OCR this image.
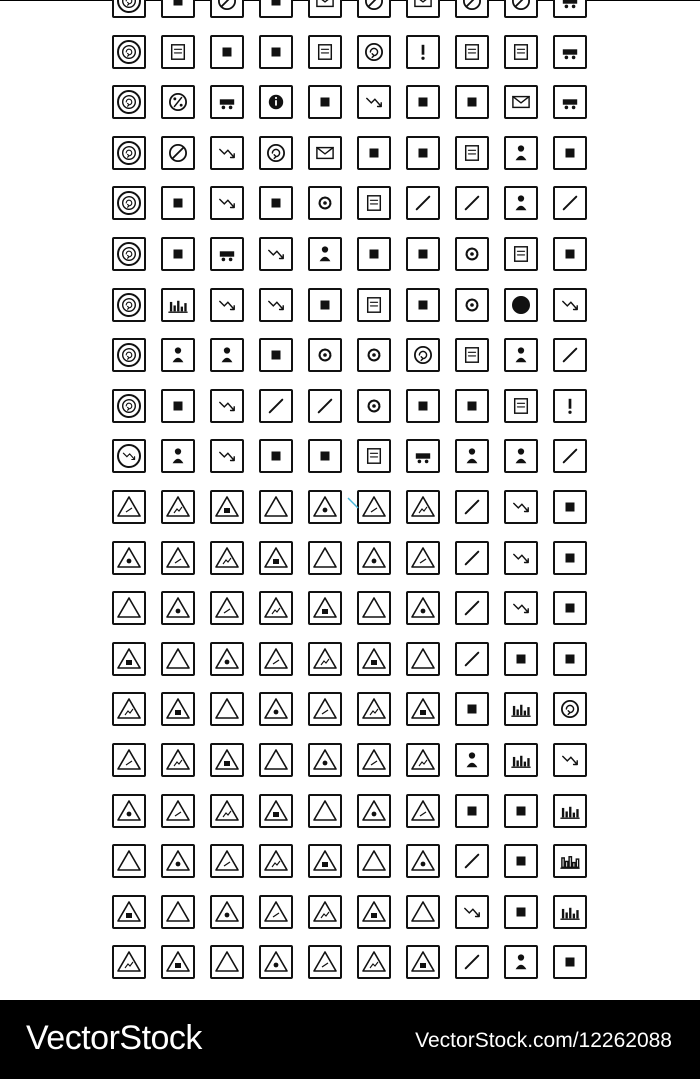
VectorStock	VectorStock.com/12262088
